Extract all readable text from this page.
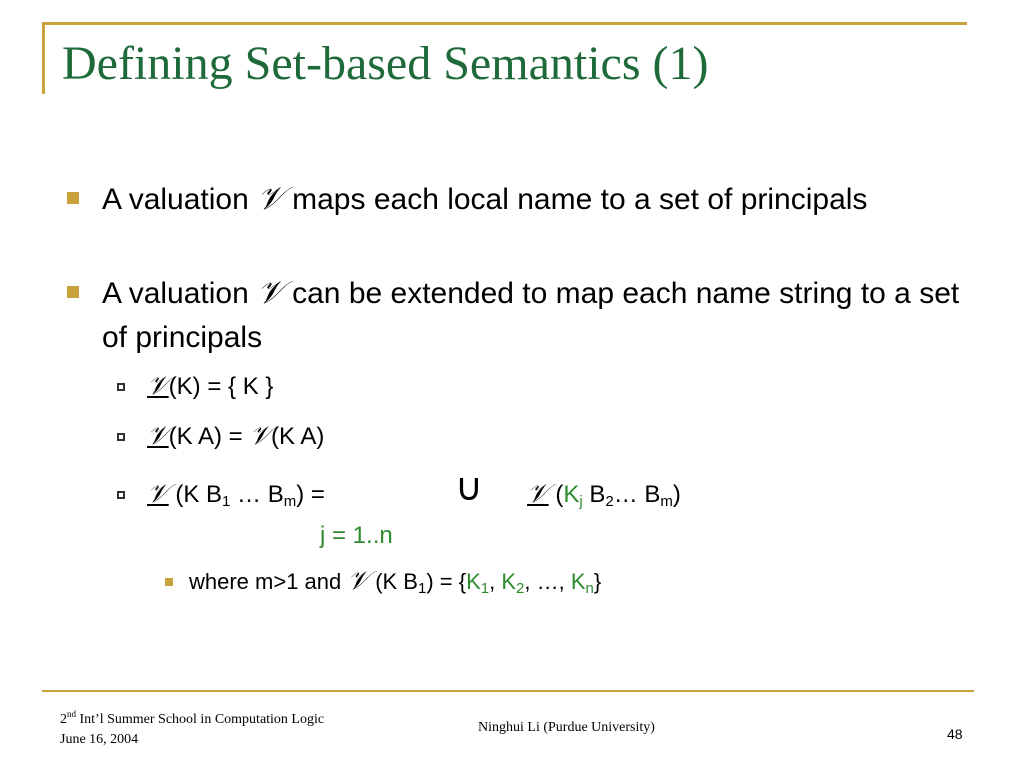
Defining Set-based Semantics (1)
A valuation 𝒱 maps each local name to a set of principals
A valuation 𝒱 can be extended to map each name string to a set of principals
𝒱(K) = { K }
𝒱(K A) = 𝒱(K A)
𝒱 (K $B_1$ … $B_m$) =	∪ 𝒱 ($K_j$ $B_2\dots$ $B_m$)
j = 1..n
where m>1 and 𝒱 (K $B_1) = \{K_1$, $K_2$, …, $K_n$}
2nd Int’l Summer School in Computation Logic
June 16, 2004
Ninghui Li (Purdue University)	48
